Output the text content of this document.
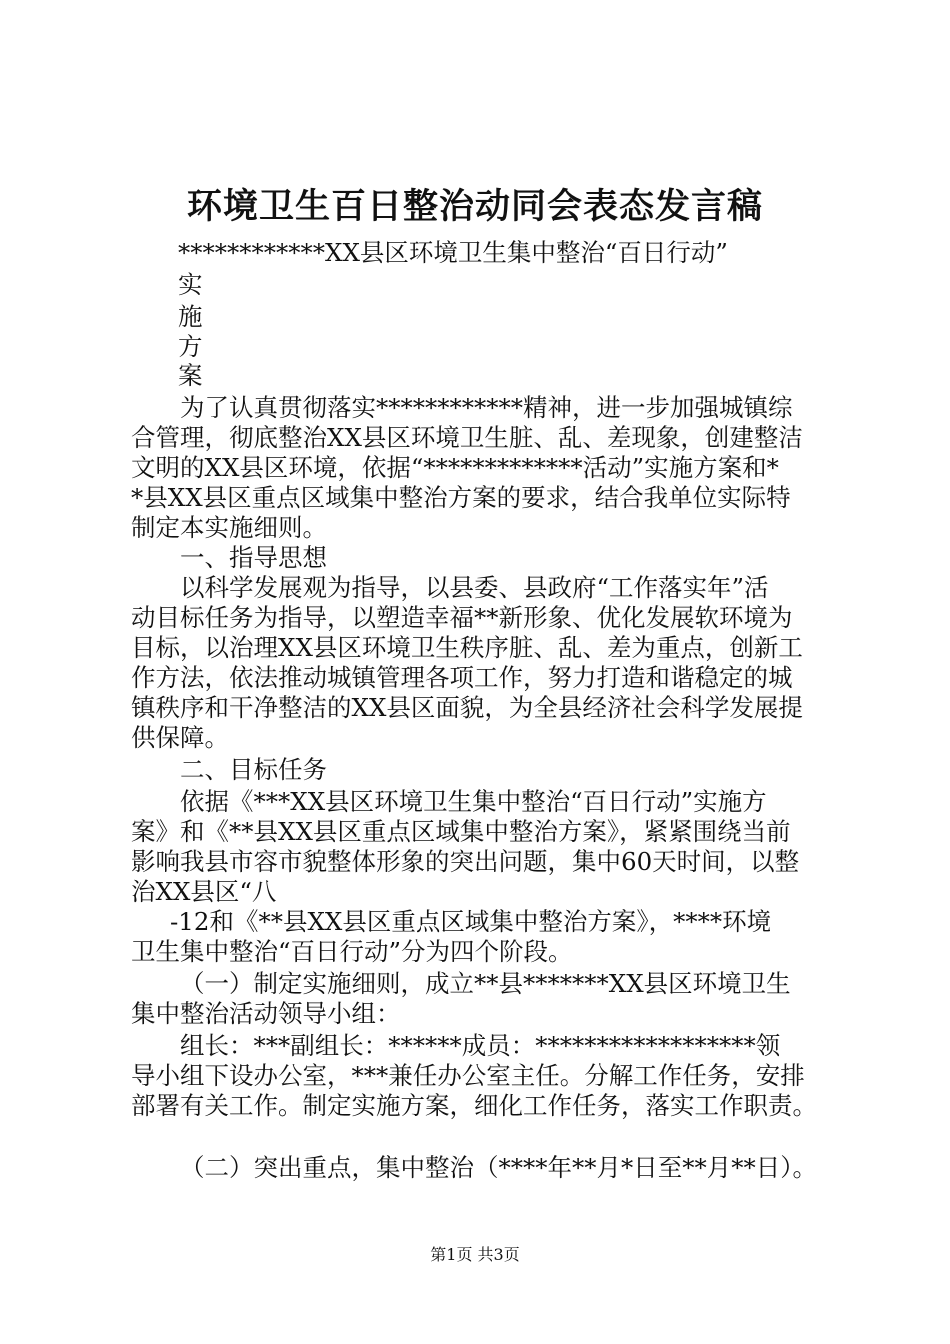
环境卫生百日整治动同会表态发言稿
************XX县区环境卫生集中整治“百日行动”
实
施
方
案
为了认真贯彻落实************精神，进一步加强城镇综
合管理，彻底整治XX县区环境卫生脏、乱、差现象，创建整洁
文明的XX县区环境，依据“*************活动”实施方案和*
*县XX县区重点区域集中整治方案的要求，结合我单位实际特
制定本实施细则。
一、指导思想
以科学发展观为指导，以县委、县政府“工作落实年”活
动目标任务为指导，以塑造幸福**新形象、优化发展软环境为
目标，以治理XX县区环境卫生秩序脏、乱、差为重点，创新工
作方法，依法推动城镇管理各项工作，努力打造和谐稳定的城
镇秩序和干净整洁的XX县区面貌，为全县经济社会科学发展提
供保障。
二、目标任务
依据《***XX县区环境卫生集中整治“百日行动”实施方
案》和《**县XX县区重点区域集中整治方案》，紧紧围绕当前
影响我县市容市貌整体形象的突出问题，集中60天时间，以整
治XX县区“八
-12和《**县XX县区重点区域集中整治方案》，****环境
卫生集中整治“百日行动”分为四个阶段。
（一）制定实施细则，成立**县*******XX县区环境卫生
集中整治活动领导小组：
组长：***副组长：******成员：******************领
导小组下设办公室，***兼任办公室主任。分解工作任务，安排
部署有关工作。制定实施方案，细化工作任务，落实工作职责。
（二）突出重点，集中整治（****年**月*日至**月**日）。
第1页 共3页
